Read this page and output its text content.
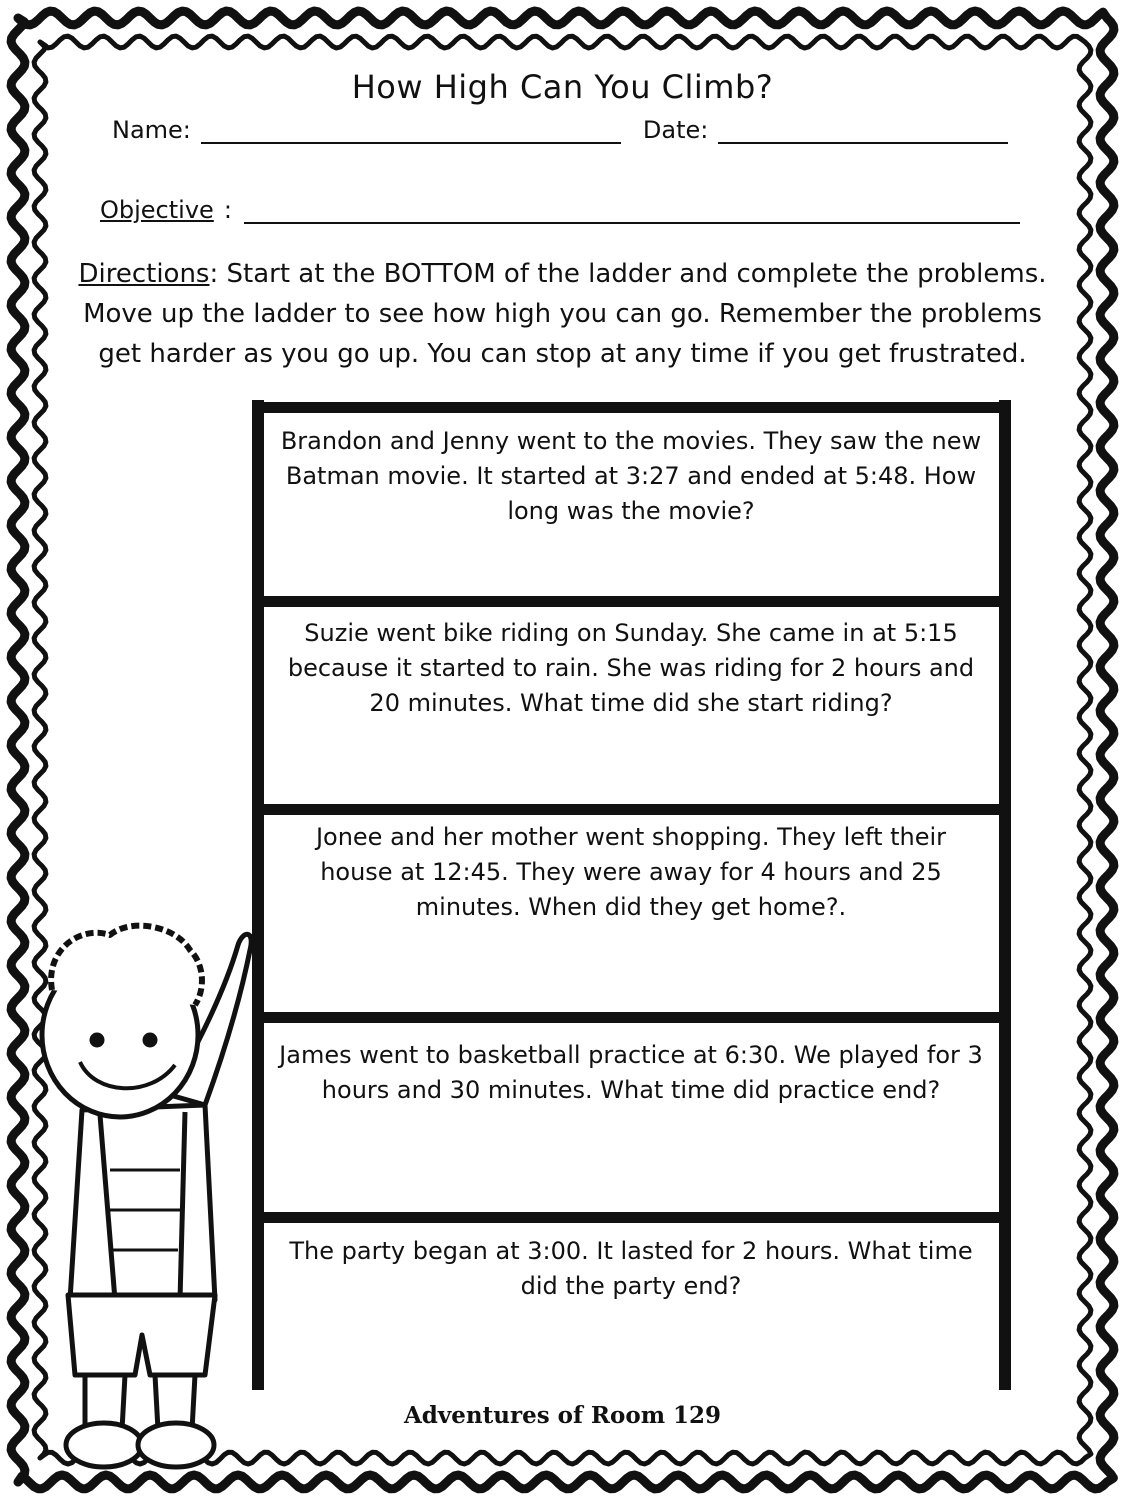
How High Can You Climb?
Name:	Date:
Objective :
Directions: Start at the BOTTOM of the ladder and complete the problems. Move up the ladder to see how high you can go. Remember the problems get harder as you go up. You can stop at any time if you get frustrated.
Brandon and Jenny went to the movies. They saw the new Batman movie. It started at 3:27 and ended at 5:48. How long was the movie?
Suzie went bike riding on Sunday. She came in at 5:15 because it started to rain. She was riding for 2 hours and 20 minutes. What time did she start riding?
Jonee and her mother went shopping. They left their house at 12:45. They were away for 4 hours and 25 minutes. When did they get home?.
James went to basketball practice at 6:30. We played for 3 hours and 30 minutes. What time did practice end?
The party began at 3:00. It lasted for 2 hours. What time did the party end?
Adventures of Room 129
